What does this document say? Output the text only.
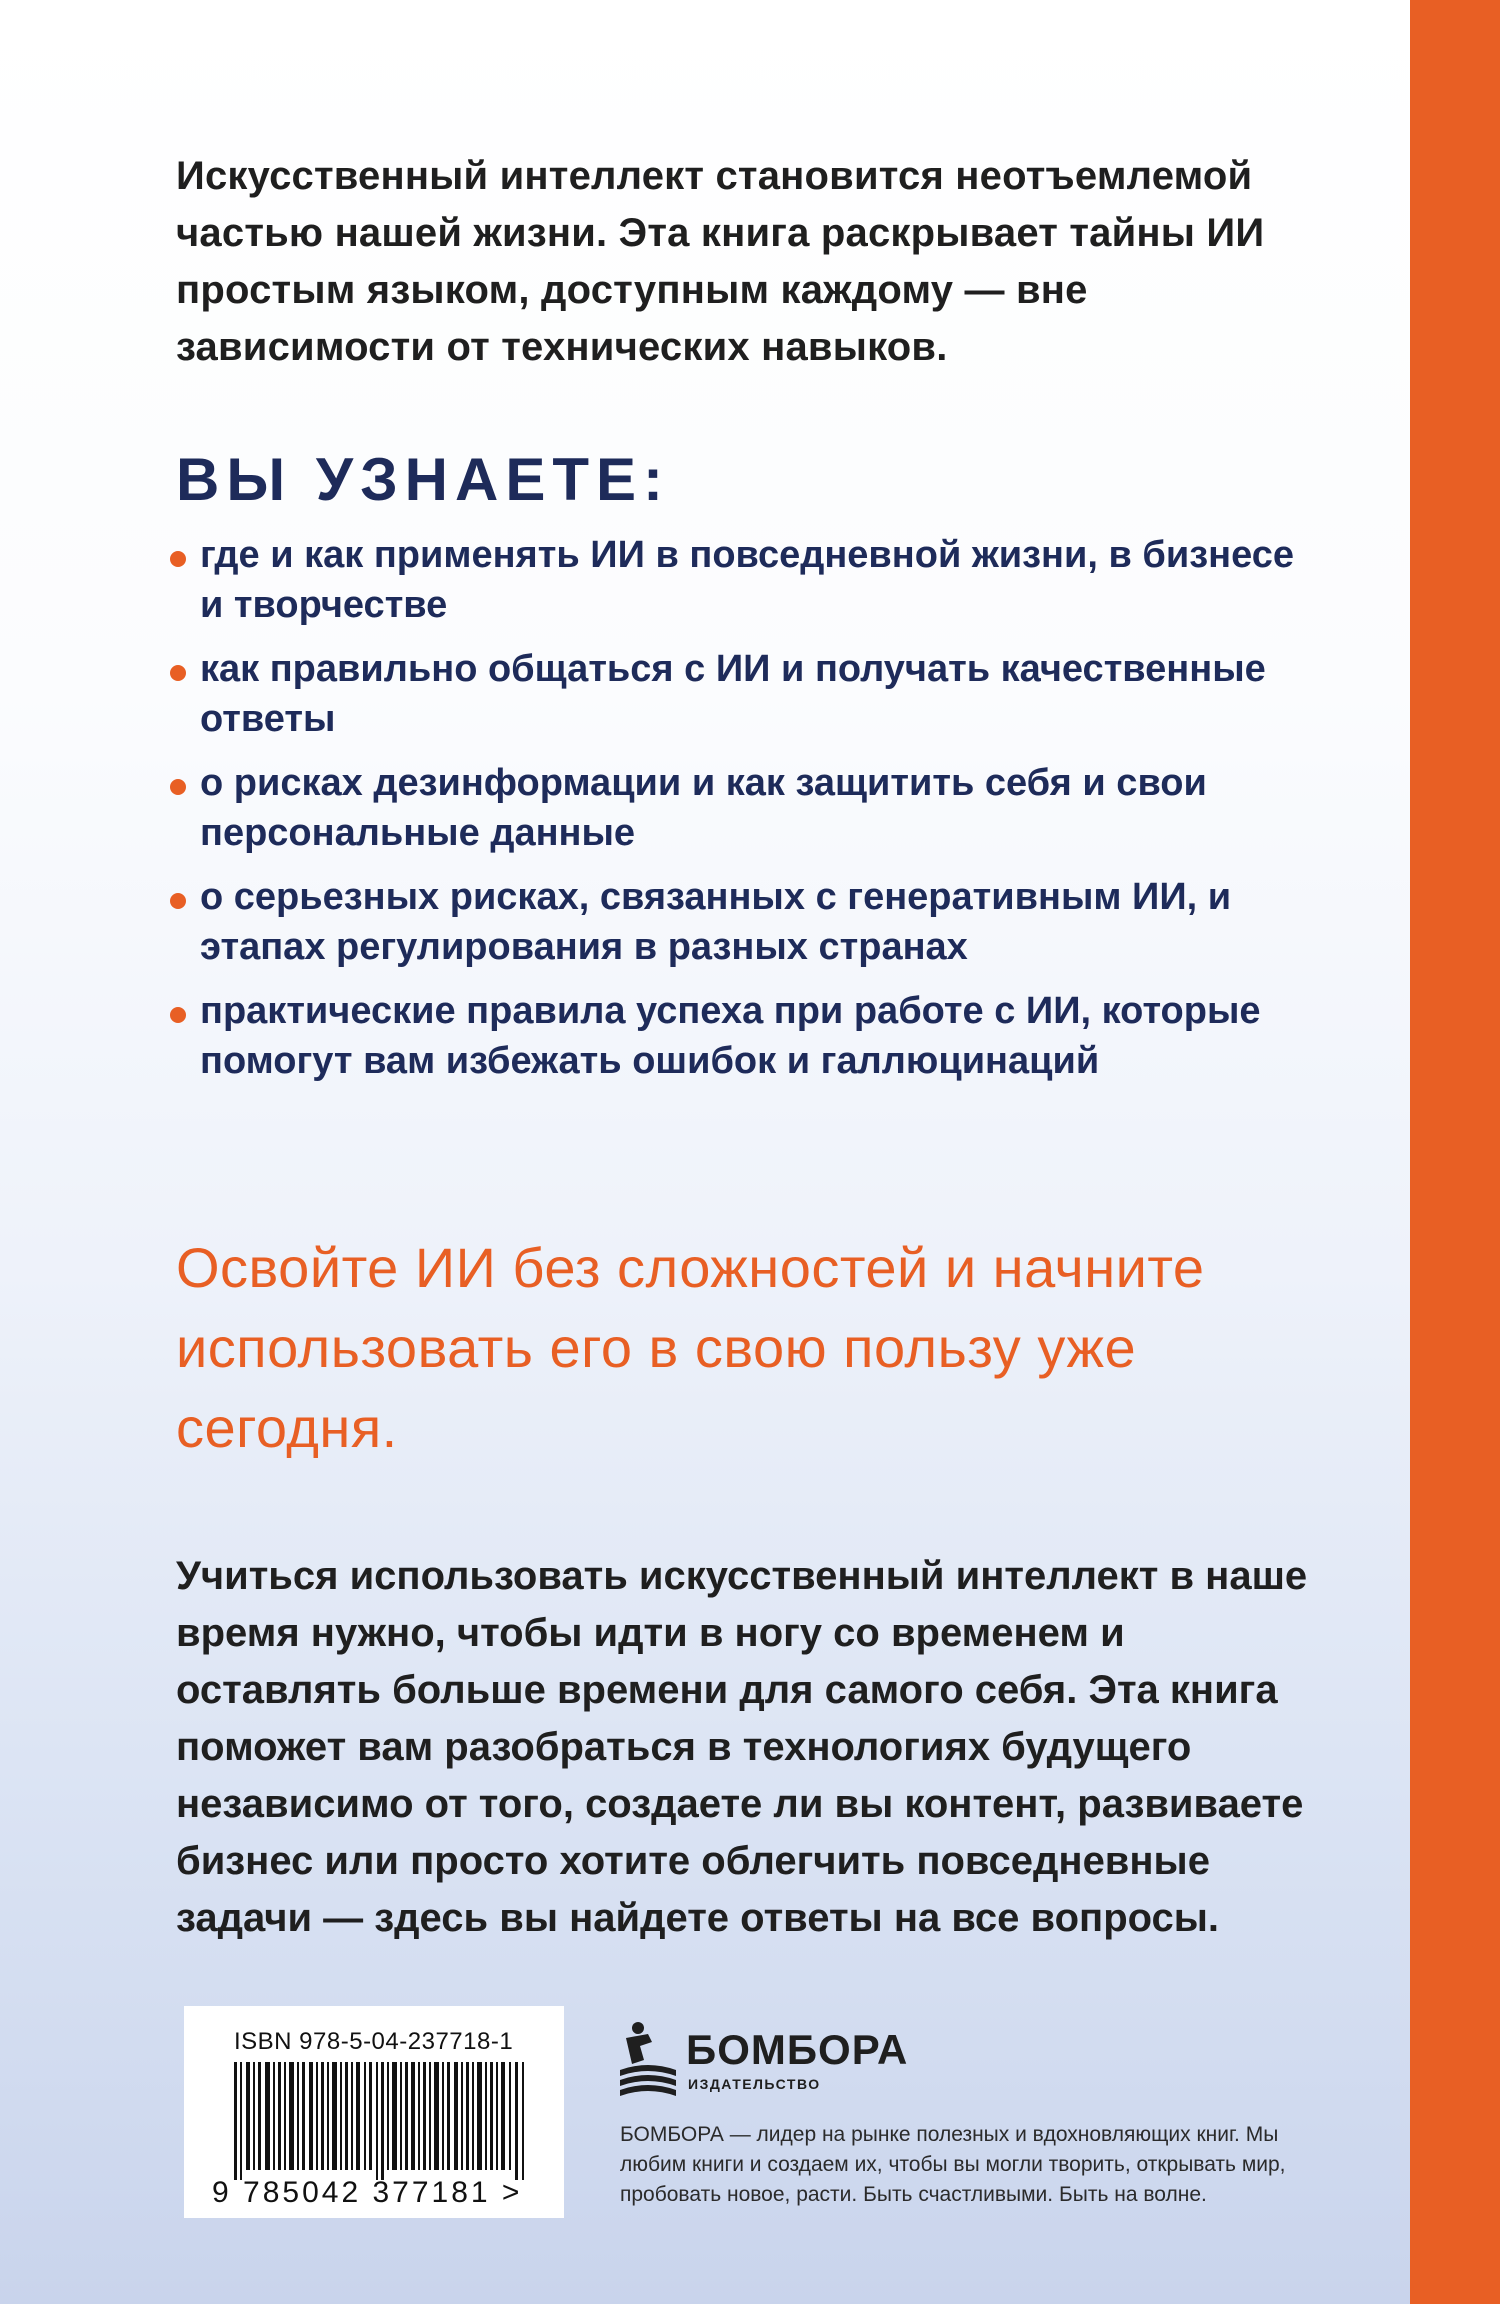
Искусственный интеллект становится неотъемлемой частью нашей жизни. Эта книга раскрывает тайны ИИ простым языком, доступным каждому — вне зависимости от технических навыков.

ВЫ УЗНАЕТЕ:
где и как применять ИИ в повседневной жизни, в бизнесе и творчестве
как правильно общаться с ИИ и получать качественные ответы
о рисках дезинформации и как защитить себя и свои персональные данные
о серьезных рисках, связанных с генеративным ИИ, и этапах регулирования в разных странах
практические правила успеха при работе с ИИ, которые помогут вам избежать ошибок и галлюцинаций

Освойте ИИ без сложностей и начните использовать его в свою пользу уже сегодня.

Учиться использовать искусственный интеллект в наше время нужно, чтобы идти в ногу со временем и оставлять больше времени для самого себя. Эта книга поможет вам разобраться в технологиях будущего независимо от того, создаете ли вы контент, развиваете бизнес или просто хотите облегчить повседневные задачи — здесь вы найдете ответы на все вопросы.

ISBN 978-5-04-237718-1
9 785042 377181 >
БОМБОРА
ИЗДАТЕЛЬСТВО

БОМБОРА — лидер на рынке полезных и вдохновляющих книг. Мы любим книги и создаем их, чтобы вы могли творить, открывать мир, пробовать новое, расти. Быть счастливыми. Быть на волне.
